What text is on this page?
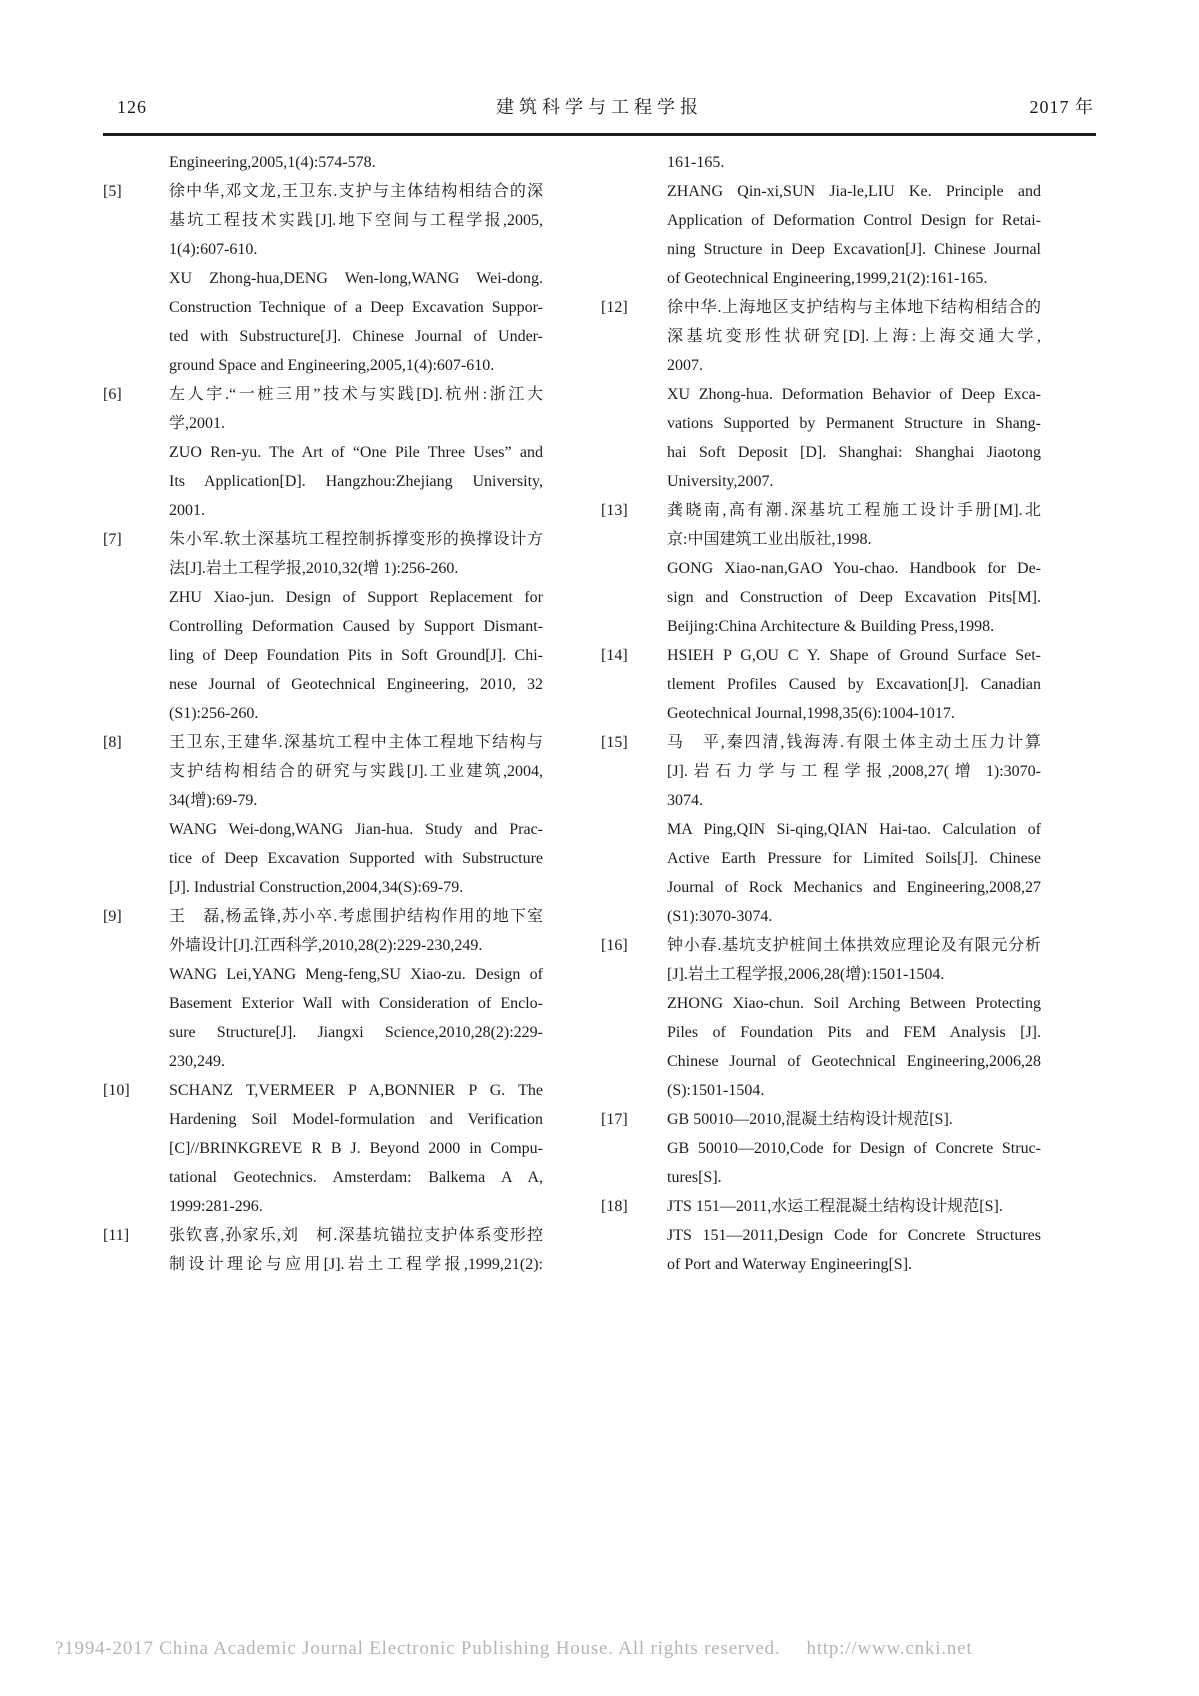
126	建筑科学与工程学报	2017 年
Engineering,2005,1(4):574-578.
[5]	徐中华,邓文龙,王卫东.支护与主体结构相结合的深
基坑工程技术实践[J].地下空间与工程学报,2005,
1(4):607-610.
XU Zhong-hua,DENG Wen-long,WANG Wei-dong.
Construction Technique of a Deep Excavation Suppor-
ted with Substructure[J]. Chinese Journal of Under-
ground Space and Engineering,2005,1(4):607-610.
[6]	左人宇.“一桩三用”技术与实践[D].杭州:浙江大
学,2001.
ZUO Ren-yu. The Art of “One Pile Three Uses” and
Its Application[D]. Hangzhou:Zhejiang University,
2001.
[7]	朱小军.软土深基坑工程控制拆撑变形的换撑设计方
法[J].岩土工程学报,2010,32(增 1):256-260.
ZHU Xiao-jun. Design of Support Replacement for
Controlling Deformation Caused by Support Dismant-
ling of Deep Foundation Pits in Soft Ground[J]. Chi-
nese Journal of Geotechnical Engineering, 2010, 32
(S1):256-260.
[8]	王卫东,王建华.深基坑工程中主体工程地下结构与
支护结构相结合的研究与实践[J].工业建筑,2004,
34(增):69-79.
WANG Wei-dong,WANG Jian-hua. Study and Prac-
tice of Deep Excavation Supported with Substructure
[J]. Industrial Construction,2004,34(S):69-79.
[9]	王　磊,杨孟锋,苏小卒.考虑围护结构作用的地下室
外墙设计[J].江西科学,2010,28(2):229-230,249.
WANG Lei,YANG Meng-feng,SU Xiao-zu. Design of
Basement Exterior Wall with Consideration of Enclo-
sure Structure[J]. Jiangxi Science,2010,28(2):229-
230,249.
[10]	SCHANZ T,VERMEER P A,BONNIER P G. The
Hardening Soil Model-formulation and Verification
[C]//BRINKGREVE R B J. Beyond 2000 in Compu-
tational Geotechnics. Amsterdam: Balkema A A,
1999:281-296.
[11]	张钦喜,孙家乐,刘　柯.深基坑锚拉支护体系变形控
制设计理论与应用[J].岩土工程学报,1999,21(2):
161-165.
ZHANG Qin-xi,SUN Jia-le,LIU Ke. Principle and
Application of Deformation Control Design for Retai-
ning Structure in Deep Excavation[J]. Chinese Journal
of Geotechnical Engineering,1999,21(2):161-165.
[12]	徐中华.上海地区支护结构与主体地下结构相结合的
深基坑变形性状研究[D].上海:上海交通大学,
2007.
XU Zhong-hua. Deformation Behavior of Deep Exca-
vations Supported by Permanent Structure in Shang-
hai Soft Deposit [D]. Shanghai: Shanghai Jiaotong
University,2007.
[13]	龚晓南,高有潮.深基坑工程施工设计手册[M].北
京:中国建筑工业出版社,1998.
GONG Xiao-nan,GAO You-chao. Handbook for De-
sign and Construction of Deep Excavation Pits[M].
Beijing:China Architecture & Building Press,1998.
[14]	HSIEH P G,OU C Y. Shape of Ground Surface Set-
tlement Profiles Caused by Excavation[J]. Canadian
Geotechnical Journal,1998,35(6):1004-1017.
[15]	马　平,秦四清,钱海涛.有限土体主动土压力计算
[J].岩石力学与工程学报,2008,27(增 1):3070-
3074.
MA Ping,QIN Si-qing,QIAN Hai-tao. Calculation of
Active Earth Pressure for Limited Soils[J]. Chinese
Journal of Rock Mechanics and Engineering,2008,27
(S1):3070-3074.
[16]	钟小春.基坑支护桩间土体拱效应理论及有限元分析
[J].岩土工程学报,2006,28(增):1501-1504.
ZHONG Xiao-chun. Soil Arching Between Protecting
Piles of Foundation Pits and FEM Analysis [J].
Chinese Journal of Geotechnical Engineering,2006,28
(S):1501-1504.
[17]	GB 50010—2010,混凝土结构设计规范[S].
GB 50010—2010,Code for Design of Concrete Struc-
tures[S].
[18]	JTS 151—2011,水运工程混凝土结构设计规范[S].
JTS 151—2011,Design Code for Concrete Structures
of Port and Waterway Engineering[S].
?1994-2017 China Academic Journal Electronic Publishing House. All rights reserved. http://www.cnki.net
